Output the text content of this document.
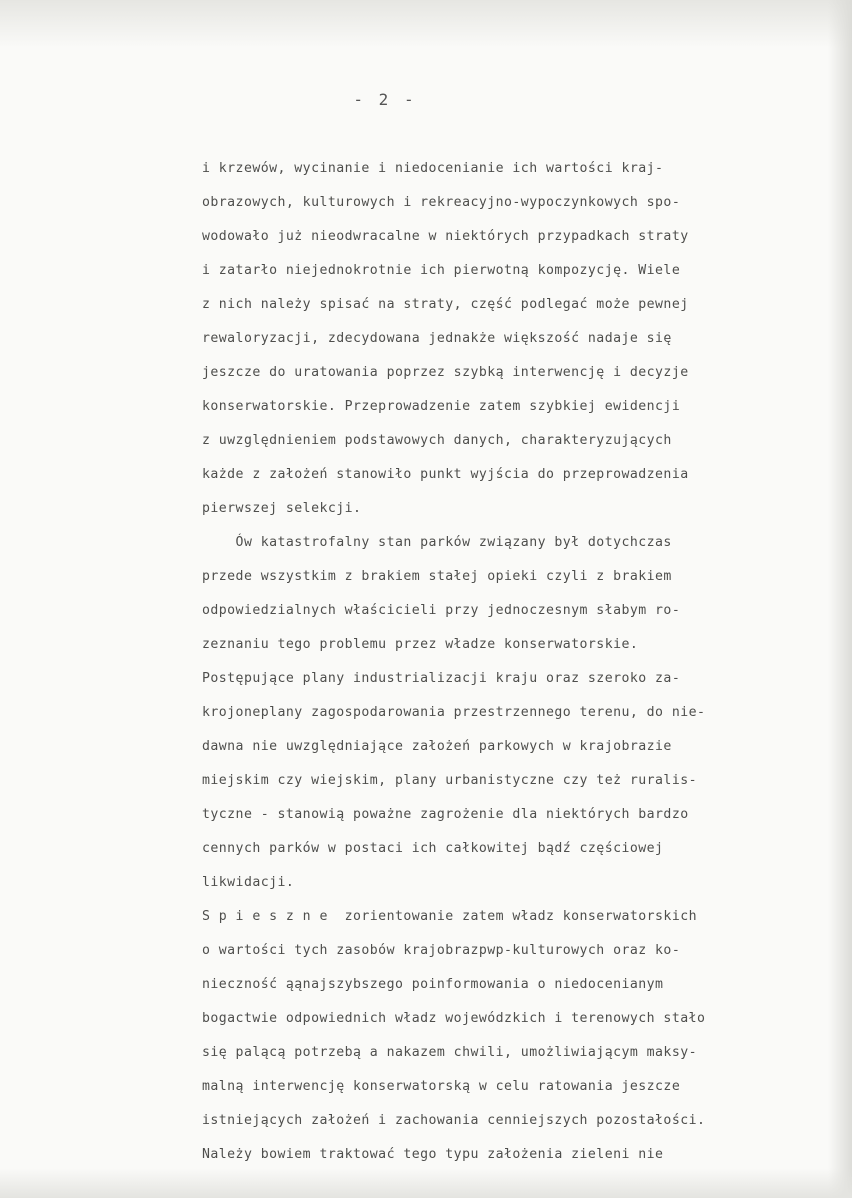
- 2 -
i krzewów, wycinanie i niedocenianie ich wartości kraj-
obrazowych, kulturowych i rekreacyjno-wypoczynkowych spo-
wodowało już nieodwracalne w niektórych przypadkach straty
i zatarło niejednokrotnie ich pierwotną kompozycję. Wiele
z nich należy spisać na straty, część podlegać może pewnej
rewaloryzacji, zdecydowana jednakże większość nadaje się
jeszcze do uratowania poprzez szybką interwencję i decyzje
konserwatorskie. Przeprowadzenie zatem szybkiej ewidencji
z uwzględnieniem podstawowych danych, charakteryzujących
każde z założeń stanowiło punkt wyjścia do przeprowadzenia
pierwszej selekcji.
Ów katastrofalny stan parków związany był dotychczas
przede wszystkim z brakiem stałej opieki czyli z brakiem
odpowiedzialnych właścicieli przy jednoczesnym słabym ro-
zeznaniu tego problemu przez władze konserwatorskie.
Postępujące plany industrializacji kraju oraz szeroko za-
krojoneplany zagospodarowania przestrzennego terenu, do nie-
dawna nie uwzględniające założeń parkowych w krajobrazie
miejskim czy wiejskim, plany urbanistyczne czy też ruralis-
tyczne - stanowią poważne zagrożenie dla niektórych bardzo
cennych parków w postaci ich całkowitej bądź częściowej
likwidacji.
S p i e s z n e  zorientowanie zatem władz konserwatorskich
o wartości tych zasobów krajobrazpwp-kulturowych oraz ko-
nieczność ąąnajszybszego poinformowania o niedocenianym
bogactwie odpowiednich władz wojewódzkich i terenowych stało
się palącą potrzebą a nakazem chwili, umożliwiającym maksy-
malną interwencję konserwatorską w celu ratowania jeszcze
istniejących założeń i zachowania cenniejszych pozostałości.
Należy bowiem traktować tego typu założenia zieleni nie
